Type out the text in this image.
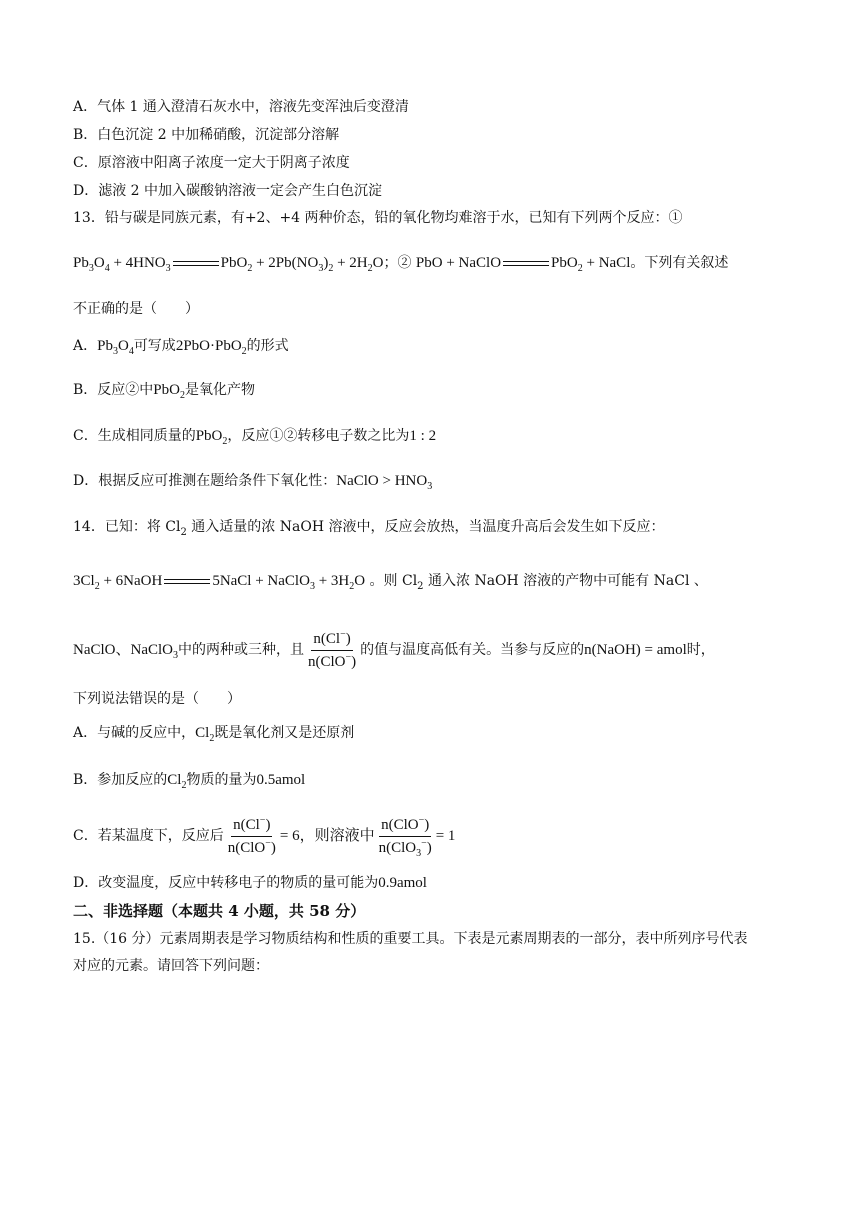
A．气体 1 通入澄清石灰水中，溶液先变浑浊后变澄清
B．白色沉淀 2 中加稀硝酸，沉淀部分溶解
C．原溶液中阳离子浓度一定大于阴离子浓度
D．滤液 2 中加入碳酸钠溶液一定会产生白色沉淀
13．铅与碳是同族元素，有+2、+4 两种价态，铅的氧化物均难溶于水，已知有下列两个反应：①
$Pb_3O_4 + 4HNO_3$	$PbO_2 + 2Pb(NO_3)_2 + 2H_2O$；② PbO + NaClO	PbO$_2$ + NaCl。下列有关叙述
不正确的是（　　）
A．$Pb_3O_4$可写成2PbO·PbO$_2$的形式
B．反应②中PbO$_2$是氧化产物
C．生成相同质量的PbO$_2$，反应①②转移电子数之比为1 : 2
D．根据反应可推测在题给条件下氧化性：NaClO > $HNO_3$
14．已知：将 $Cl_2$ 通入适量的浓 NaOH 溶液中，反应会放热，当温度升高后会发生如下反应：
$3Cl_2$ + 6NaOH	5NaCl + NaClO$_3$ + $3H_2O$ 。则 $Cl_2$ 通入浓 NaOH 溶液的产物中可能有 NaCl 、
NaClO、NaClO$_3$ 中的两种或三种，且 $\frac{n(Cl^-)}{n(ClO^-)}$ 的值与温度高低有关。当参与反应的 n(NaOH) = amol 时，
下列说法错误的是（　　）
A．与碱的反应中，$Cl_2$既是氧化剂又是还原剂
B．参加反应的$Cl_2$物质的量为0.5amol
C．若某温度下，反应后 $\frac{n(Cl^-)}{n(ClO^-)} = 6$，则溶液中 $\frac{n(ClO^-)}{n(ClO_3^-)} = 1$
D．改变温度，反应中转移电子的物质的量可能为0.9amol
二、非选择题（本题共 4 小题，共 58 分）
15.（16 分）元素周期表是学习物质结构和性质的重要工具。下表是元素周期表的一部分，表中所列序号代表
对应的元素。请回答下列问题：
